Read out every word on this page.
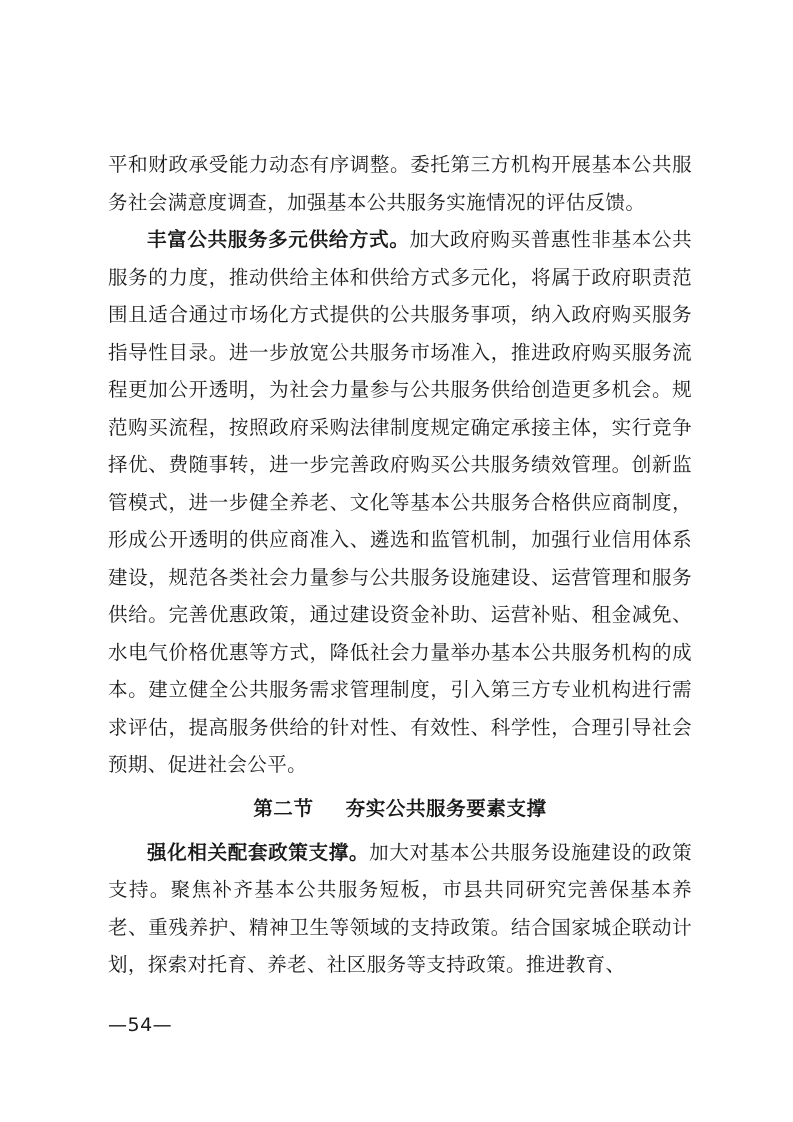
平和财政承受能力动态有序调整。委托第三方机构开展基本公共服务社会满意度调查，加强基本公共服务实施情况的评估反馈。

丰富公共服务多元供给方式。加大政府购买普惠性非基本公共服务的力度，推动供给主体和供给方式多元化，将属于政府职责范围且适合通过市场化方式提供的公共服务事项，纳入政府购买服务指导性目录。进一步放宽公共服务市场准入，推进政府购买服务流程更加公开透明，为社会力量参与公共服务供给创造更多机会。规范购买流程，按照政府采购法律制度规定确定承接主体，实行竞争择优、费随事转，进一步完善政府购买公共服务绩效管理。创新监管模式，进一步健全养老、文化等基本公共服务合格供应商制度，形成公开透明的供应商准入、遴选和监管机制，加强行业信用体系建设，规范各类社会力量参与公共服务设施建设、运营管理和服务供给。完善优惠政策，通过建设资金补助、运营补贴、租金减免、水电气价格优惠等方式，降低社会力量举办基本公共服务机构的成本。建立健全公共服务需求管理制度，引入第三方专业机构进行需求评估，提高服务供给的针对性、有效性、科学性，合理引导社会预期、促进社会公平。

第二节 夯实公共服务要素支撑

强化相关配套政策支撑。加大对基本公共服务设施建设的政策支持。聚焦补齐基本公共服务短板，市县共同研究完善保基本养老、重残养护、精神卫生等领域的支持政策。结合国家城企联动计划，探索对托育、养老、社区服务等支持政策。推进教育、

—54—
